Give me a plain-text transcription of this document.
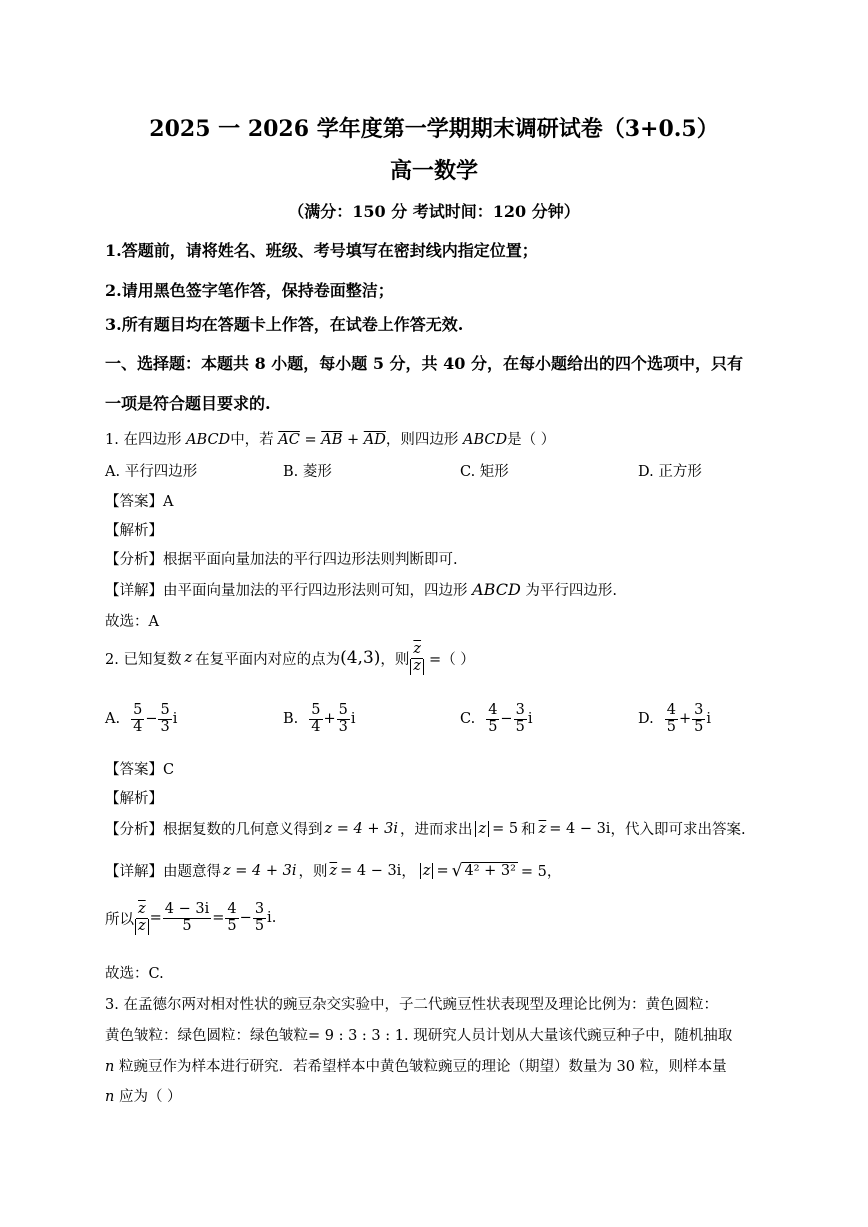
2025 一 2026 学年度第一学期期末调研试卷（3+0.5）
高一数学
（满分：150 分 考试时间：120 分钟）
1.答题前，请将姓名、班级、考号填写在密封线内指定位置；
2.请用黑色签字笔作答，保持卷面整洁；
3.所有题目均在答题卡上作答，在试卷上作答无效.
一、选择题：本题共 8 小题，每小题 5 分，共 40 分，在每小题给出的四个选项中，只有
一项是符合题目要求的.
1. 在四边形 ABCD中，若 $\overline{AC} = \overline{AB} + \overline{AD}$，则四边形 ABCD是（ ）
A. 平行四边形	B. 菱形	C. 矩形	D. 正方形
【答案】A
【解析】
【分析】根据平面向量加法的平行四边形法则判断即可.
【详解】由平面向量加法的平行四边形法则可知，四边形 ABCD 为平行四边形.
故选：A
2. 已知复数 z 在复平面内对应的点为 (4,3) ，则 $\frac{\overline{z}}{z}$ =（ ）
A. $\frac{5}{4} - \frac{5}{3}$ i	B. $\frac{5}{4} + \frac{5}{3}$ i	C. $\frac{4}{5} - \frac{3}{5}$ i	D. $\frac{4}{5} + \frac{3}{5}$ i
【答案】C
【解析】
【分析】根据复数的几何意义得到 z = 4 + 3i ，进而求出 z = 5 和 $\overline{z} = 4 - 3i$ ，代入即可求出答案.
【详解】由题意得 z = 4 + 3i ，则 $\overline{z} = 4 - 3i$ ， z = √ 4² + 3² = 5，
所以 $\frac{\overline{z}}{z} = \frac{4 - 3i}{5} = \frac{4}{5} - \frac{3}{5}$ i .
故选：C.
3. 在孟德尔两对相对性状的豌豆杂交实验中，子二代豌豆性状表现型及理论比例为：黄色圆粒：
黄色皱粒：绿色圆粒：绿色皱粒= 9 : 3 : 3 : 1. 现研究人员计划从大量该代豌豆种子中，随机抽取
n 粒豌豆作为样本进行研究．若希望样本中黄色皱粒豌豆的理论（期望）数量为 30 粒，则样本量
n 应为（ ）
